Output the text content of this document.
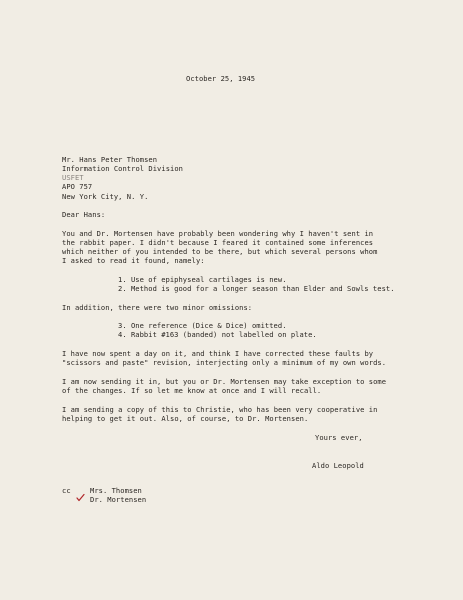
October 25, 1945
Mr. Hans Peter Thomsen
Information Control Division
USFET
APO 757
New York City, N. Y.
Dear Hans:
You and Dr. Mortensen have probably been wondering why I haven't sent in
the rabbit paper. I didn't because I feared it contained some inferences
which neither of you intended to be there, but which several persons whom
I asked to read it found, namely:
1. Use of epiphyseal cartilages is new.
2. Method is good for a longer season than Elder and Sowls test.
In addition, there were two minor omissions:
3. One reference (Dice & Dice) omitted.
4. Rabbit #163 (banded) not labelled on plate.
I have now spent a day on it, and think I have corrected these faults by
"scissors and paste" revision, interjecting only a minimum of my own words.
I am now sending it in, but you or Dr. Mortensen may take exception to some
of the changes. If so let me know at once and I will recall.
I am sending a copy of this to Christie, who has been very cooperative in
helping to get it out. Also, of course, to Dr. Mortensen.
Yours ever,
Aldo Leopold
cc	Mrs. Thomsen
Dr. Mortensen
